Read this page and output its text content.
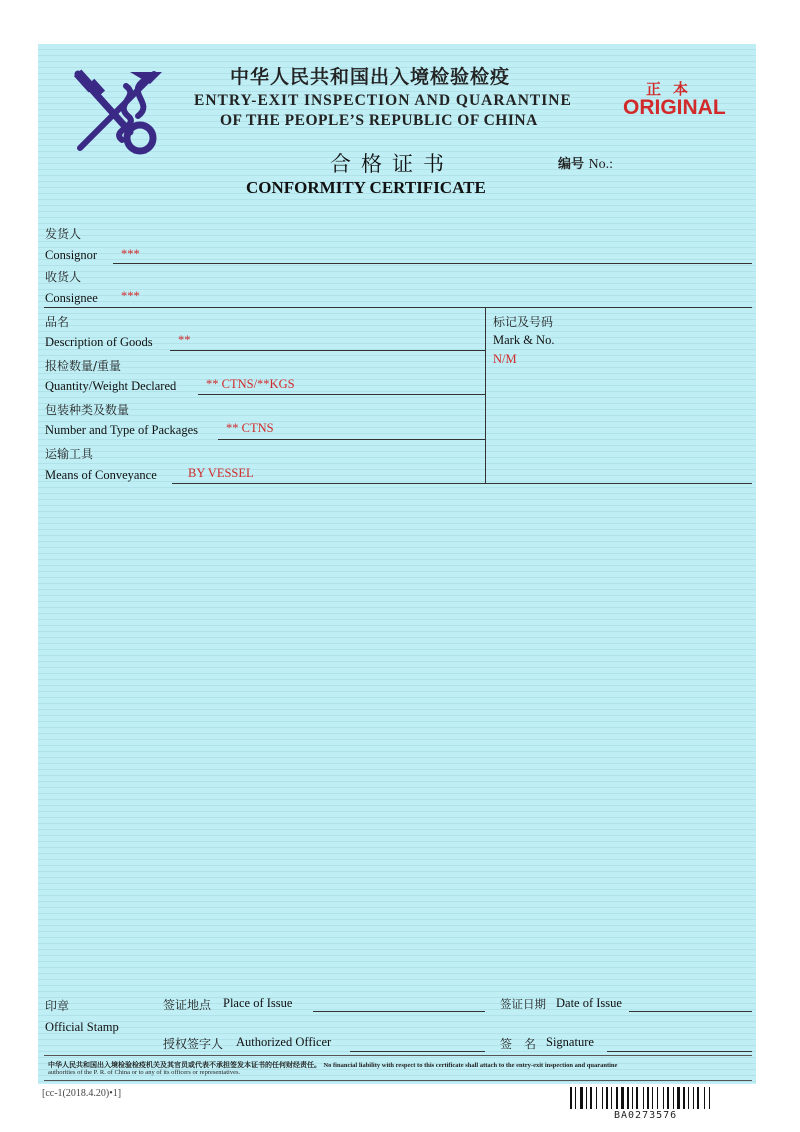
中华人民共和国出入境检验检疫
ENTRY-EXIT INSPECTION AND QUARANTINE
OF THE PEOPLE’S REPUBLIC OF CHINA
正本
ORIGINAL
合格证书
CONFORMITY CERTIFICATE
编号 No.:
发货人
Consignor ***
收货人
Consignee ***
品名
Description of Goods **
报检数量/重量
Quantity/Weight Declared ** CTNS/**KGS
包装种类及数量
Number and Type of Packages ** CTNS
运输工具
Means of Conveyance BY VESSEL
标记及号码
Mark & No.
N/M
印章
Official Stamp
签证地点 Place of Issue	签证日期 Date of Issue
授权签字人 Authorized Officer	签　名 Signature
中华人民共和国出入境检验检疫机关及其官员或代表不承担签发本证书的任何财经责任。 No financial liability with respect to this certificate shall attach to the entry-exit inspection and quarantine
authorities of the P. R. of China or to any of its officers or representatives.
[cc-1(2018.4.20)•1]
BA0273576
